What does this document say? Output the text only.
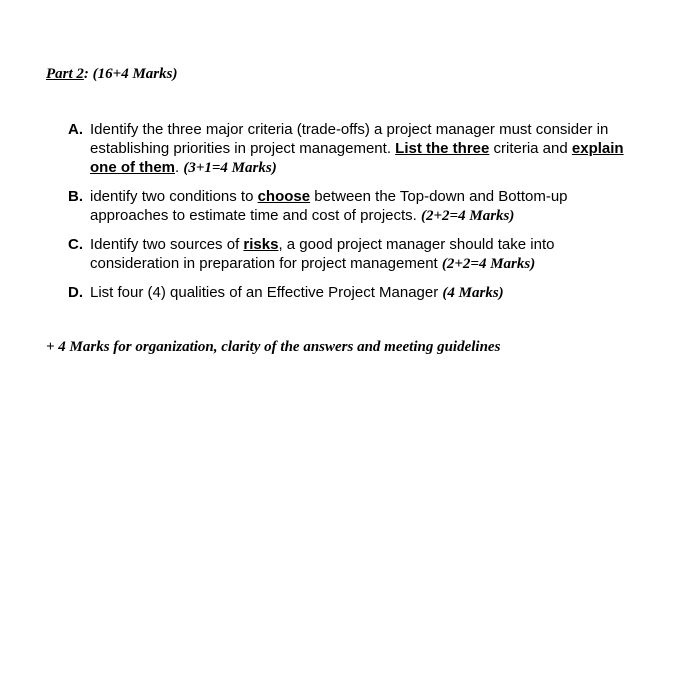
Part 2: (16+4 Marks)
A. Identify the three major criteria (trade-offs) a project manager must consider in establishing priorities in project management. List the three criteria and explain one of them. (3+1=4 Marks)
B. identify two conditions to choose between the Top-down and Bottom-up approaches to estimate time and cost of projects. (2+2=4 Marks)
C. Identify two sources of risks, a good project manager should take into consideration in preparation for project management (2+2=4 Marks)
D. List four (4) qualities of an Effective Project Manager (4 Marks)
+ 4 Marks for organization, clarity of the answers and meeting guidelines
